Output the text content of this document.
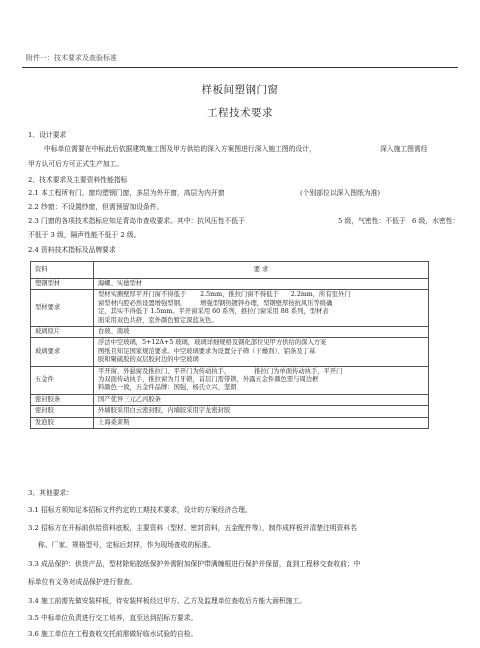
附件一：技术要求及查验标准
样板间塑钢门窗
工程技术要求
1、设计要求
中标单位需要在中标此后依据建筑施工图及甲方供给的深入方案图进行深入施工图的设计，	深入施工图需经
甲方认可后方可正式生产加工。
2、技术要求及主要资料性能指标
2.1 本工程所有门、窗均塑钢门窗，多层为外开窗，高层为内开窗	(个别部位以深入图纸为准)
2.2 纱窗：不设置纱窗，但需预留加设条件。
2.3 门窗的各项技术指标应知足青岛市查收要求。其中：抗风压性不低于	5 级，气密性：不低于 6 级，水密性：
不低于 3 级，隔声性能不低于 2 级。
2.4 资料技术指标及品牌要求
资料	要 求
塑钢型材	海螺、实德型材

型材要求	型材实测壁厚平开门窗不得低于       2.5mm，推拉门窗不得低于      2.2mm，所有室外门
窗型材内腔必然设置增强型钢，       增强型钢热镀锌办理，型钢壁厚按抗风压等级确
定，其实不得低于 1.5mm。平开窗采用 60 系列，推拉门窗采用 88 系列，型材表
面采用双色共挤，室外颜色暂定深蓝灰色。

玻璃原片	台玻、南玻

玻璃要求	浮法中空玻璃，5+12A+5 玻璃，玻璃详细规格及钢化部位见甲方供给的深入方案
图纸且知足国家规范要求。中空玻璃要求为设置分子筛（干燥剂）、铝条及丁基
胶和聚硫胶的双层胶封边的中空玻璃

五金件	平开窗、外悬窗及推拉门、平开门为传动执手，            推拉门为单面传动执手，平开门
为双面传动执手，推拉窗为月牙锁，首层门需带锁，外露五金件颜色需与周边框
料颜色一致，五金件品牌：国强、杨氏立兴、坚朗

密封胶条	国产优异三元乙丙胶条

密封胶	外墙胶采用白云密封胶，内墙胶采用宇龙密封胶

发泡胶	上海桑莱斯
3、其他要求：
3.1 招标方须知足本招标文件约定的工期技术要求，设计的方案经济合理。
3.2 招标方在开标前供给资料底板，主要资料（型材、密封资料，五金配件等），制作成样板并清楚注明资料名
称、厂家、规格型号，定标后封样，作为现场查收的标准。
3.3 成品保护：供货产品，型材除贴胶纸保护外需附加保护带满缠框进行保护并保留，直到工程移交查收前；中
标单位有义务对成品保护进行督查。
3.4 施工前需先做安装样板，待安装样板经过甲方、乙方及监理单位查收后方能大面积施工。
3.5 中标单位负责进行交工培养，直至达到招标方要求。
3.6 施工单位在工程查收交托前需做好临水试验的自检。
